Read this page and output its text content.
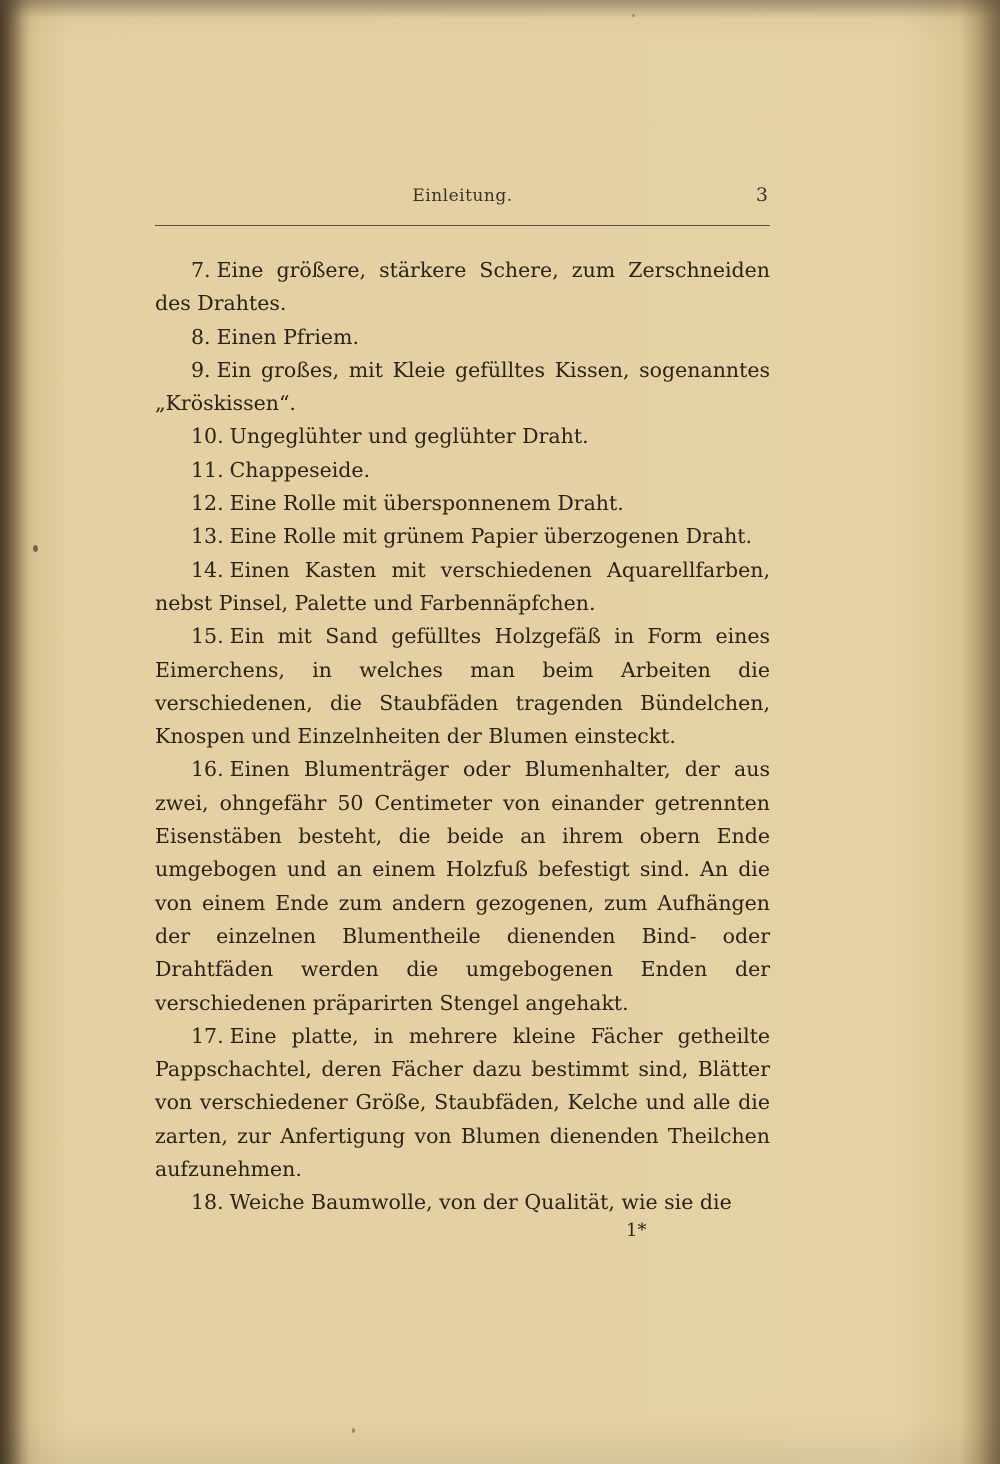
Einleitung.	3

7. Eine größere, stärkere Schere, zum Zerschneiden des Drahtes.

8. Einen Pfriem.

9. Ein großes, mit Kleie gefülltes Kissen, sogenanntes „Kröskissen“.

10. Ungeglühter und geglühter Draht.

11. Chappeseide.

12. Eine Rolle mit übersponnenem Draht.

13. Eine Rolle mit grünem Papier überzogenen Draht.

14. Einen Kasten mit verschiedenen Aquarellfarben, nebst Pinsel, Palette und Farbennäpfchen.

15. Ein mit Sand gefülltes Holzgefäß in Form eines Eimerchens, in welches man beim Arbeiten die verschiedenen, die Staubfäden tragenden Bündelchen, Knospen und Einzelnheiten der Blumen einsteckt.

16. Einen Blumenträger oder Blumenhalter, der aus zwei, ohngefähr 50 Centimeter von einander getrennten Eisenstäben besteht, die beide an ihrem obern Ende umgebogen und an einem Holzfuß befestigt sind. An die von einem Ende zum andern gezogenen, zum Aufhängen der einzelnen Blumentheile dienenden Bind- oder Drahtfäden werden die umgebogenen Enden der verschiedenen präparirten Stengel angehakt.

17. Eine platte, in mehrere kleine Fächer getheilte Pappschachtel, deren Fächer dazu bestimmt sind, Blätter von verschiedener Größe, Staubfäden, Kelche und alle die zarten, zur Anfertigung von Blumen dienenden Theilchen aufzunehmen.

18. Weiche Baumwolle, von der Qualität, wie sie die

1*
